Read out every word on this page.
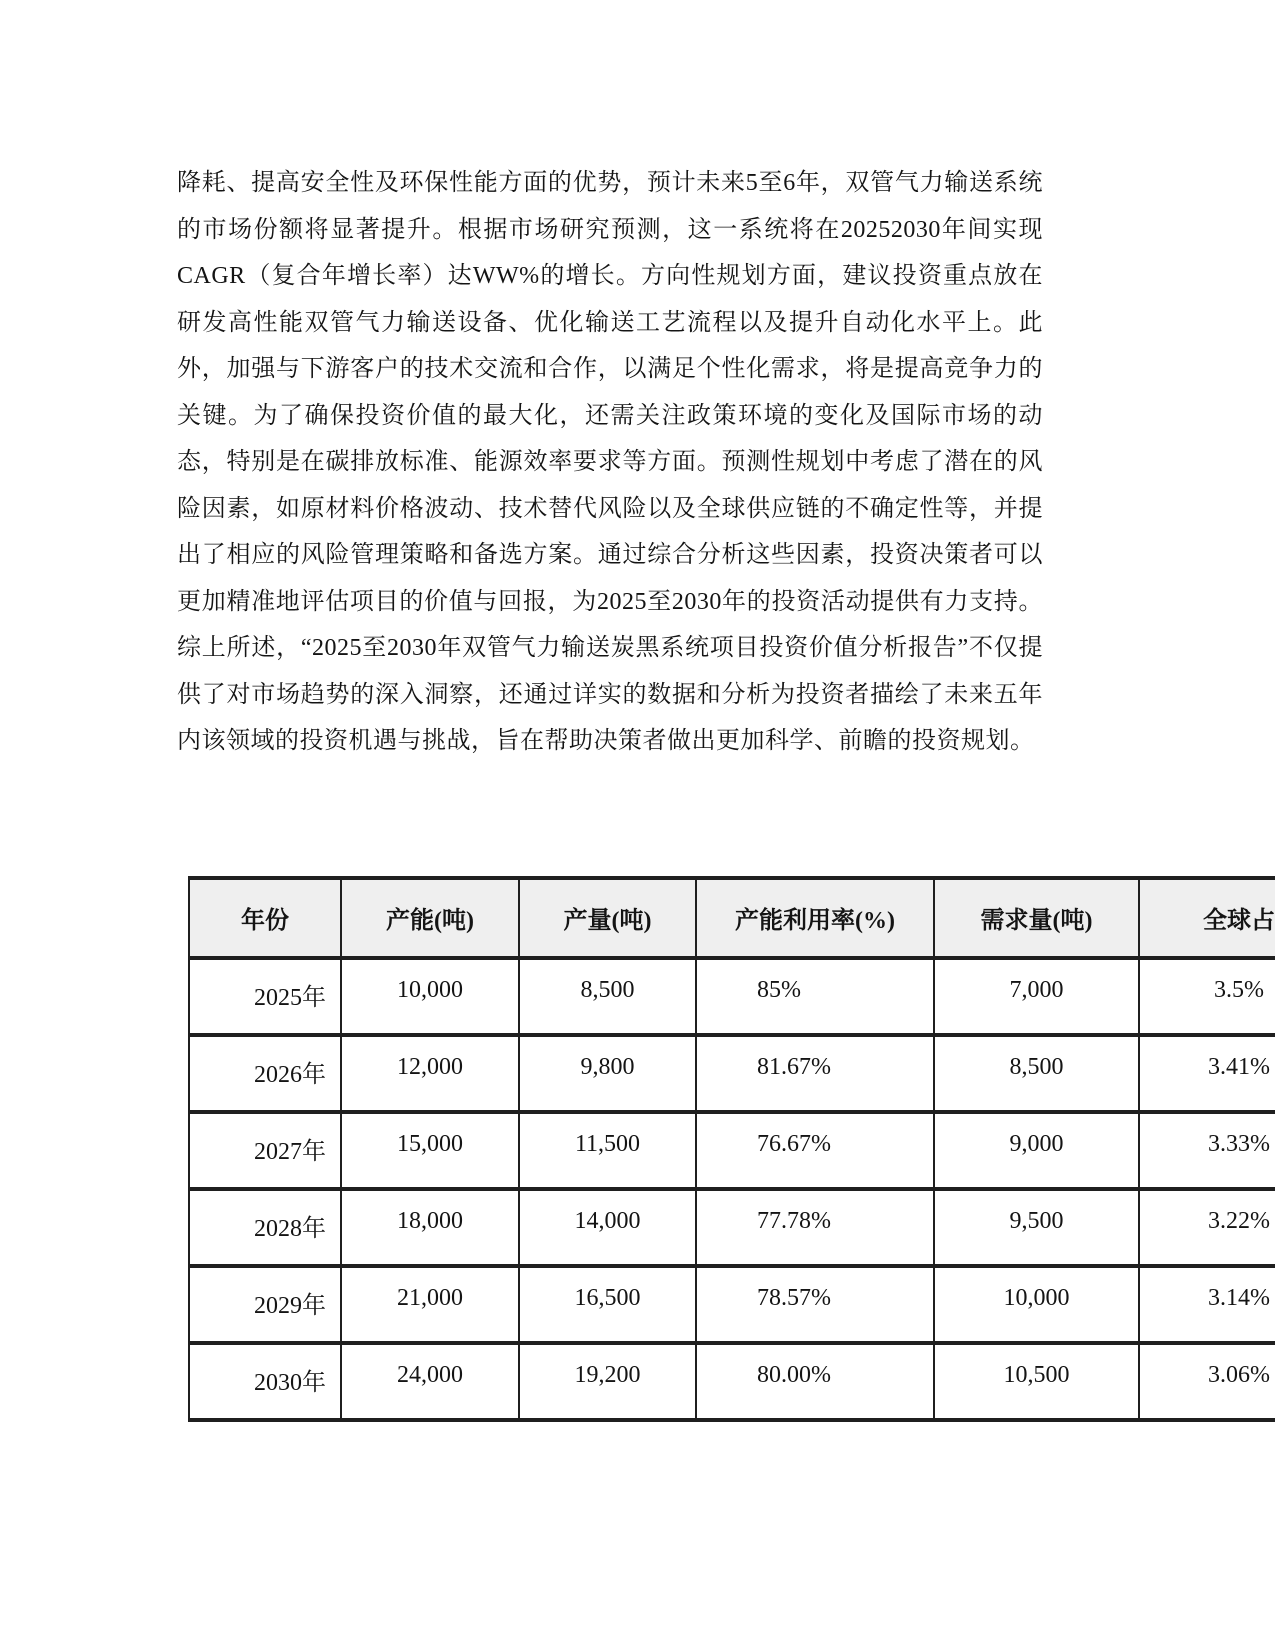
降耗、提高安全性及环保性能方面的优势，预计未来5至6年，双管气力输送系统的市场份额将显著提升。根据市场研究预测，这一系统将在20252030年间实现CAGR（复合年增长率）达WW%的增长。方向性规划方面，建议投资重点放在研发高性能双管气力输送设备、优化输送工艺流程以及提升自动化水平上。此外，加强与下游客户的技术交流和合作，以满足个性化需求，将是提高竞争力的关键。为了确保投资价值的最大化，还需关注政策环境的变化及国际市场的动态，特别是在碳排放标准、能源效率要求等方面。预测性规划中考虑了潜在的风险因素，如原材料价格波动、技术替代风险以及全球供应链的不确定性等，并提出了相应的风险管理策略和备选方案。通过综合分析这些因素，投资决策者可以更加精准地评估项目的价值与回报，为2025至2030年的投资活动提供有力支持。综上所述，“2025至2030年双管气力输送炭黑系统项目投资价值分析报告”不仅提供了对市场趋势的深入洞察，还通过详实的数据和分析为投资者描绘了未来五年内该领域的投资机遇与挑战，旨在帮助决策者做出更加科学、前瞻的投资规划。

年份	产能(吨)	产量(吨)	产能利用率(%)	需求量(吨)	全球占
2025年	10,000	8,500	85%	7,000	3.5%
2026年	12,000	9,800	81.67%	8,500	3.41%
2027年	15,000	11,500	76.67%	9,000	3.33%
2028年	18,000	14,000	77.78%	9,500	3.22%
2029年	21,000	16,500	78.57%	10,000	3.14%
2030年	24,000	19,200	80.00%	10,500	3.06%
